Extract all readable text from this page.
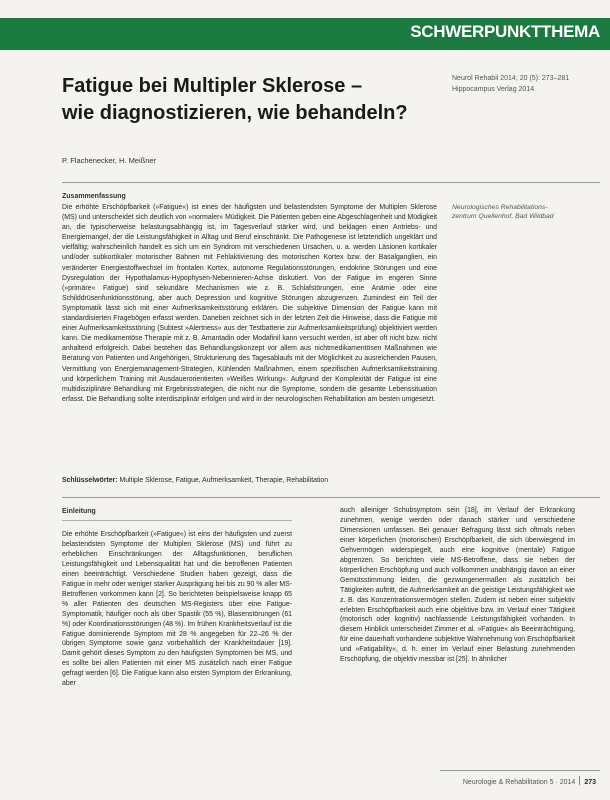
SCHWERPUNKTTHEMA
Fatigue bei Multipler Sklerose –
wie diagnostizieren, wie behandeln?
Neurol Rehabil 2014; 20 (5): 273–281
Hippocampus Verlag 2014
P. Flachenecker, H. Meißner
Zusammenfassung

Die erhöhte Erschöpfbarkeit (»Fatigue«) ist eines der häufigsten und belastendsten Symptome der Multiplen Sklerose (MS) und unterscheidet sich deutlich von »normaler« Müdigkeit. Die Patienten geben eine Abgeschlagenheit und Müdigkeit an, die typischerweise belastungsabhängig ist, im Tagesverlauf stärker wird, und beklagen einen Antriebs- und Energiemangel, der die Leistungsfähigkeit in Alltag und Beruf einschränkt. Die Pathogenese ist letztendlich ungeklärt und vielfältig; wahrscheinlich handelt es sich um ein Syndrom mit verschiedenen Ursachen, u. a. werden Läsionen kortikaler und/oder subkortikaler motorischer Bahnen mit Fehlaktivierung des motorischen Kortex bzw. der Basalganglien, ein veränderter Energiestoffwechsel im frontalen Kortex, autonome Regulationsstörungen, endokrine Störungen und eine Dysregulation der Hypothalamus-Hypophysen-Nebennieren-Achse diskutiert. Von der Fatigue im engeren Sinne (»primäre« Fatigue) sind sekundäre Mechanismen wie z. B. Schlafstörungen, eine Anämie oder eine Schilddrüsenfunktionsstörung, aber auch Depression und kognitive Störungen abzugrenzen. Zumindest ein Teil der Symptomatik lässt sich mit einer Aufmerksamkeitsstörung erklären. Die subjektive Dimension der Fatigue kann mit standardisierten Fragebögen erfasst werden. Daneben zeichnet sich in der letzten Zeit die Hinweise, dass die Fatigue mit einer Aufmerksamkeitsstörung (Subtest »Alertness« aus der Testbatterie zur Aufmerksamkeitsprüfung) objektiviert werden kann. Die medikamentöse Therapie mit z. B. Amantadin oder Modafinil kann versucht werden, ist aber oft nicht bzw. nicht anhaltend erfolgreich. Dabei bestehen das Behandlungskonzept vor allem aus nichtmedikamentösen Maßnahmen wie Beratung von Patienten und Angehörigen, Strukturierung des Tagesablaufs mit der Möglichkeit zu ausreichenden Pausen, Vermittlung von Energiemanagement-Strategien, Kühlenden Maßnahmen, einem spezifischen Aufmerksamkeitstraining und körperlichem Training mit Ausdauerorientierten »Weißes Wirkung«. Aufgrund der Komplexität der Fatigue ist eine multidisziplinäre Behandlung mit Ergebnisstrategien, die nicht nur die Symptome, sondern die gesamte Lebenssituation erfasst. Die Behandlung sollte interdisziplinär erfolgen und wird in der neurologischen Rehabilitation am besten umgesetzt.

Neurologisches Rehabilitations-
zentrum Quellenhof, Bad Wildbad
Schlüsselwörter: Multiple Sklerose, Fatigue, Aufmerksamkeit, Therapie, Rehabilitation
Einleitung

Die erhöhte Erschöpfbarkeit (»Fatigue«) ist eins der häufigsten und zuerst belastendsten Symptome der Multiplen Sklerose (MS) und führt zu erheblichen Einschränkungen der Alltagsfunktionen, beruflichen Leistungsfähigkeit und Lebensqualität hat und die betroffenen Patienten einen beeinträchtigt. Verschiedene Studien haben gezeigt, dass die Fatigue in mehr oder weniger starker Ausprägung bei bis zu 90 % aller MS-Betroffenen vorkommen kann [2]. So berichteten beispielsweise knapp 65 % aller Patienten des deutschen MS-Registers über eine Fatigue-Symptomatik, häufiger noch als über Spastik (55 %), Blasenstörungen (61 %) oder Koordinationsstörungen (48 %). Im frühen Krankheitsverlauf ist die Fatigue dominierende Symptom mit 28 % angegeben für 22–26 % der übrigen Symptome sowie ganz vorbehaltlich der Krankheitsdauer [19]. Damit gehört dieses Symptom zu den häufigsten Symptomen bei MS, und es sollte bei allen Patienten mit einer MS zusätzlich nach einer Fatigue gefragt werden [6]. Die Fatigue kann also ersten Symptom der Erkrankung, aber

auch alleiniger Schubsymptom sein [18], im Verlauf der Erkrankung zunehmen, wenige werden oder danach stärker und verschiedene Dimensionen umfassen. Bei genauer Befragung lässt sich oftmals neben einer körperlichen (motorischen) Erschöpfbarkeit, die sich überwiegend im Gehvermögen widerspiegelt, auch eine kognitive (mentale) Fatigue abgrenzen. So berichten viele MS-Betroffene, dass sie neben der körperlichen Erschöpfung und auch vollkommen unabhängig davon an einer Gemütsstimmung leiden, die gezwungenermaßen als zusätzlich bei Tätigkeiten auftritt, die Aufmerksamkeit an die geistige Leistungsfähigkeit wie z. B. das Konzentrationsvermögen stellen. Zudem ist neben einer subjektiv erlebten Erschöpfbarkeit auch eine objektive bzw. im Verlauf einer Tätigkeit (motorisch oder kognitiv) nachlassende Leistungsfähigkeit vorhanden. In diesem Hinblick unterscheidet Zimmer et al. »Fatigue« als Beeinträchtigung, für eine dauerhaft vorhandene subjektive Wahrnehmung von Erschöpfbarkeit und »Fatigability«, d. h. einer im Verlauf einer Belastung zunehmenden Erschöpfung, die objektiv messbar ist [25]. In ähnlicher

Neurologie & Rehabilitation 5 · 2014 273
